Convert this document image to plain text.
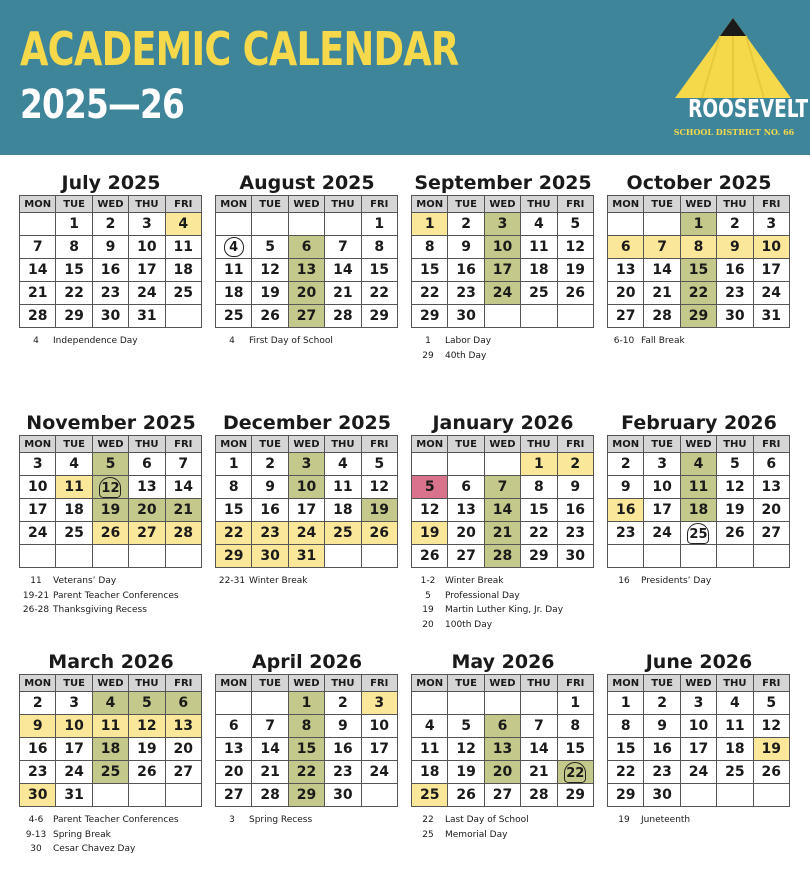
ACADEMIC CALENDAR
2025—26	ROOSEVELT
SCHOOL DISTRICT NO. 66
July 2025
MON	TUE	WED	THU	FRI
	1	2	3	4
7	8	9	10	11
14	15	16	17	18
21	22	23	24	25
28	29	30	31	
4	Independence Day
August 2025
MON	TUE	WED	THU	FRI
				1
4	5	6	7	8
11	12	13	14	15
18	19	20	21	22
25	26	27	28	29
4	First Day of School
September 2025
MON	TUE	WED	THU	FRI
1	2	3	4	5
8	9	10	11	12
15	16	17	18	19
22	23	24	25	26
29	30			
1	Labor Day
29	40th Day
October 2025
MON	TUE	WED	THU	FRI
		1	2	3
6	7	8	9	10
13	14	15	16	17
20	21	22	23	24
27	28	29	30	31
6-10 Fall Break
November 2025
MON	TUE	WED	THU	FRI
3	4	5	6	7
10	11	12	13	14
17	18	19	20	21
24	25	26	27	28

11	Veterans’ Day
19-21 Parent Teacher Conferences
26-28 Thanksgiving Recess
December 2025
MON	TUE	WED	THU	FRI
1	2	3	4	5
8	9	10	11	12
15	16	17	18	19
22	23	24	25	26
29	30	31		
22-31 Winter Break
January 2026
MON	TUE	WED	THU	FRI
			1	2
5	6	7	8	9
12	13	14	15	16
19	20	21	22	23
26	27	28	29	30
1-2	Winter Break
5	Professional Day
19	Martin Luther King, Jr. Day
20	100th Day
February 2026
MON	TUE	WED	THU	FRI
2	3	4	5	6
9	10	11	12	13
16	17	18	19	20
23	24	25	26	27

16	Presidents’ Day
March 2026
MON	TUE	WED	THU	FRI
2	3	4	5	6
9	10	11	12	13
16	17	18	19	20
23	24	25	26	27
30	31			
4-6	Parent Teacher Conferences
9-13 Spring Break
30	Cesar Chavez Day
April 2026
MON	TUE	WED	THU	FRI
		1	2	3
6	7	8	9	10
13	14	15	16	17
20	21	22	23	24
27	28	29	30	
3	Spring Recess
May 2026
MON	TUE	WED	THU	FRI
				1
4	5	6	7	8
11	12	13	14	15
18	19	20	21	22
25	26	27	28	29
22	Last Day of School
25	Memorial Day
June 2026
MON	TUE	WED	THU	FRI
1	2	3	4	5
8	9	10	11	12
15	16	17	18	19
22	23	24	25	26
29	30			
19	Juneteenth
